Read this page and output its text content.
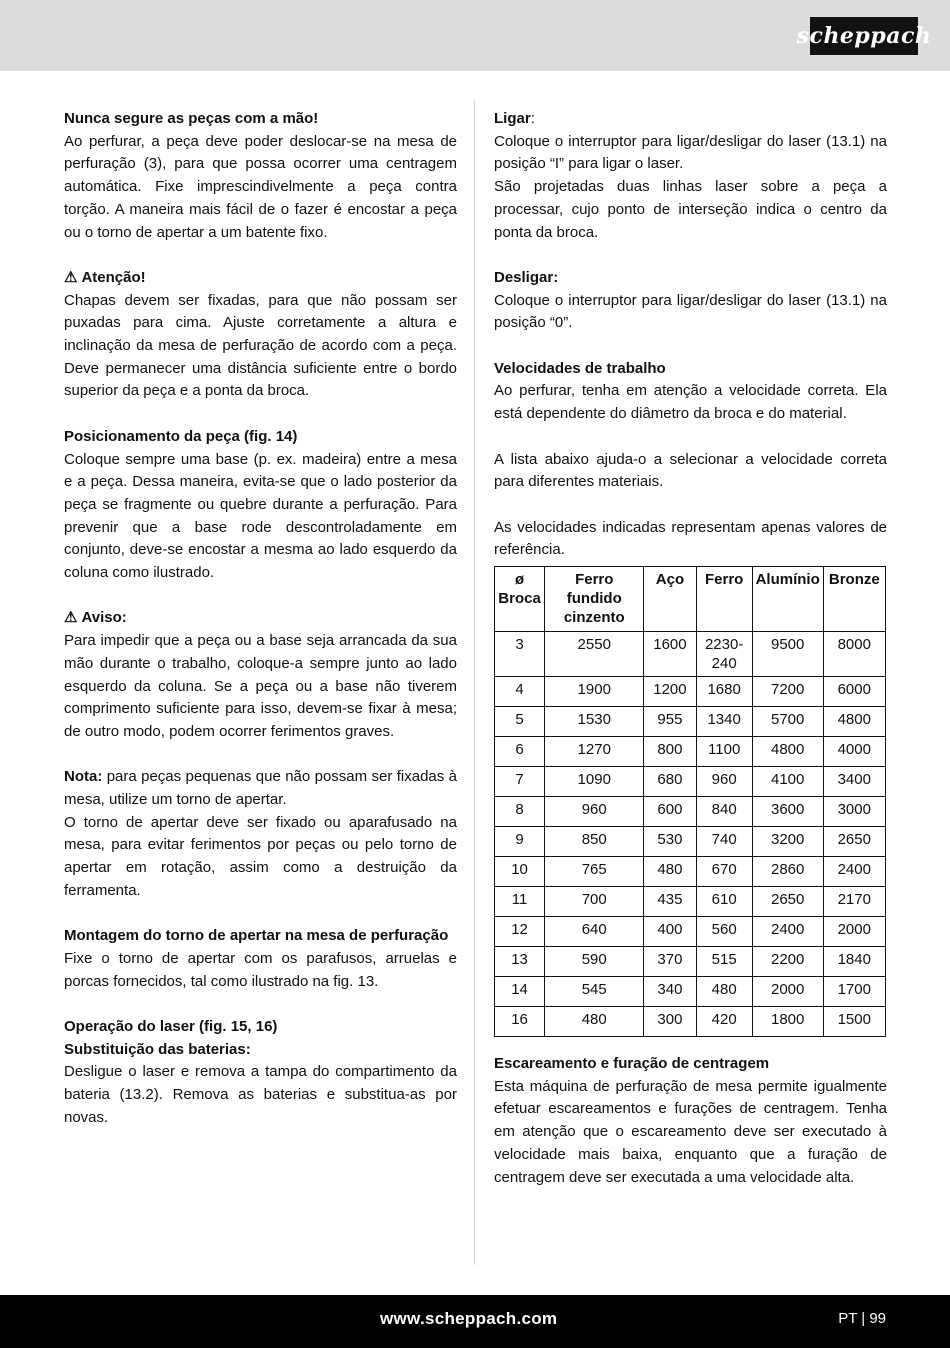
scheppach

Nunca segure as peças com a mão!

Ao perfurar, a peça deve poder deslocar-se na mesa de perfuração (3), para que possa ocorrer uma centragem automática. Fixe imprescindivelmente a peça contra torção. A maneira mais fácil de o fazer é encostar a peça ou o torno de apertar a um batente fixo.

⚠ Atenção!

Chapas devem ser fixadas, para que não possam ser puxadas para cima. Ajuste corretamente a altura e inclinação da mesa de perfuração de acordo com a peça. Deve permanecer uma distância suficiente entre o bordo superior da peça e a ponta da broca.

Posicionamento da peça (fig. 14)

Coloque sempre uma base (p. ex. madeira) entre a mesa e a peça. Dessa maneira, evita-se que o lado posterior da peça se fragmente ou quebre durante a perfuração. Para prevenir que a base rode descontroladamente em conjunto, deve-se encostar a mesma ao lado esquerdo da coluna como ilustrado.

⚠ Aviso:

Para impedir que a peça ou a base seja arrancada da sua mão durante o trabalho, coloque-a sempre junto ao lado esquerdo da coluna. Se a peça ou a base não tiverem comprimento suficiente para isso, devem-se fixar à mesa; de outro modo, podem ocorrer ferimentos graves.

Nota: para peças pequenas que não possam ser fixadas à mesa, utilize um torno de apertar.

O torno de apertar deve ser fixado ou aparafusado na mesa, para evitar ferimentos por peças ou pelo torno de apertar em rotação, assim como a destruição da ferramenta.

Montagem do torno de apertar na mesa de perfuração

Fixe o torno de apertar com os parafusos, arruelas e porcas fornecidos, tal como ilustrado na fig. 13.

Operação do laser (fig. 15, 16)

Substituição das baterias:

Desligue o laser e remova a tampa do compartimento da bateria (13.2). Remova as baterias e substitua-as por novas.

Ligar:

Coloque o interruptor para ligar/desligar do laser (13.1) na posição “I” para ligar o laser.

São projetadas duas linhas laser sobre a peça a processar, cujo ponto de interseção indica o centro da ponta da broca.

Desligar:

Coloque o interruptor para ligar/desligar do laser (13.1) na posição “0”.

Velocidades de trabalho

Ao perfurar, tenha em atenção a velocidade correta. Ela está dependente do diâmetro da broca e do material.

A lista abaixo ajuda-o a selecionar a velocidade correta para diferentes materiais.

As velocidades indicadas representam apenas valores de referência.

ø Broca	Ferro fundido cinzento	Aço	Ferro	Alumínio	Bronze
3	2550	1600	2230-240	9500	8000
4	1900	1200	1680	7200	6000
5	1530	955	1340	5700	4800
6	1270	800	1100	4800	4000
7	1090	680	960	4100	3400
8	960	600	840	3600	3000
9	850	530	740	3200	2650
10	765	480	670	2860	2400
11	700	435	610	2650	2170
12	640	400	560	2400	2000
13	590	370	515	2200	1840
14	545	340	480	2000	1700
16	480	300	420	1800	1500

Escareamento e furação de centragem

Esta máquina de perfuração de mesa permite igualmente efetuar escareamentos e furações de centragem. Tenha em atenção que o escareamento deve ser executado à velocidade mais baixa, enquanto que a furação de centragem deve ser executada a uma velocidade alta.

www.scheppach.com	PT | 99
